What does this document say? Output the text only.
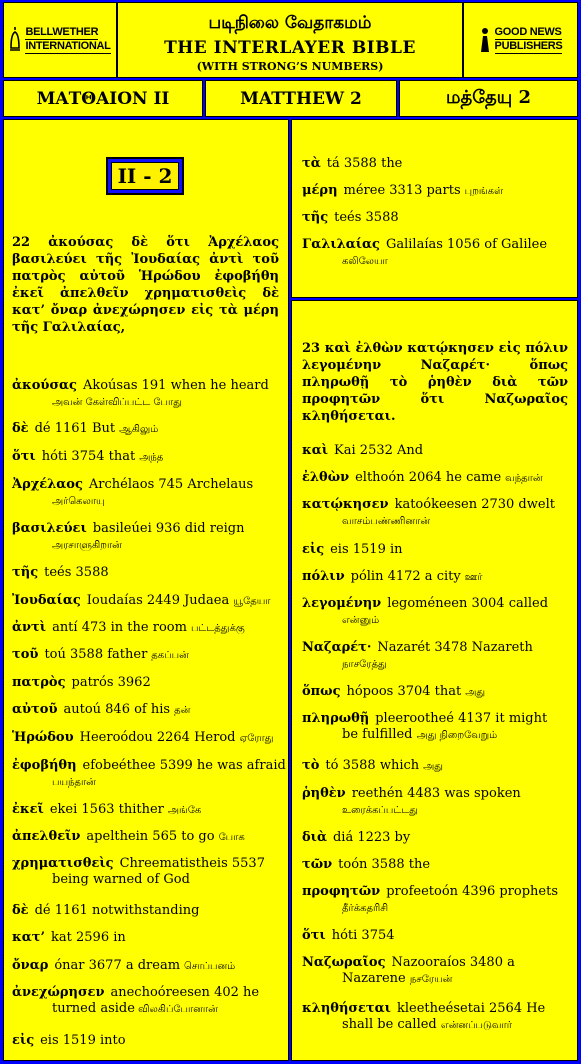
BELLWETHER
INTERNATIONAL
படிநிலை வேதாகமம்
THE INTERLAYER BIBLE
(WITH STRONG’S NUMBERS)
GOOD NEWS
PUBLISHERS
ΜΑΤΘΑΙΟΝ II	MATTHEW 2	மத்தேயு 2
II - 2
22 ἀκούσας δὲ ὅτι Ἀρχέλαος βασιλεύει τῆς Ἰουδαίας ἀντὶ τοῦ πατρὸς αὐτοῦ Ἡρώδου ἐφοβήθη ἐκεῖ ἀπελθεῖν χρηματισθεὶς δὲ κατ’ ὄναρ ἀνεχώρησεν εἰς τὰ μέρη τῆς Γαλιλαίας,
ἀκούσας Akoúsas 191 when he heard
அவன் கேள்விப்பட்ட போது
δὲ dé 1161 But ஆகிலும்
ὅτι hóti 3754 that அந்த
Ἀρχέλαος Archélaos 745 Archelaus
அர்கெலாயு
βασιλεύει basileúei 936 did reign
அரசாளுகிறான்
τῆς teés 3588
Ἰουδαίας Ioudaías 2449 Judaea யூதேயா
ἀντὶ antí 473 in the room பட்டத்துக்கு
τοῦ toú 3588 father தகப்பன்
πατρὸς patrós 3962
αὐτοῦ autoú 846 of his தன்
Ἡρώδου Heeroódou 2264 Herod ஏரோது
ἐφοβήθη efobeéthee 5399 he was afraid
பயந்தான்
ἐκεῖ ekei 1563 thither அங்கே
ἀπελθεῖν apelthein 565 to go போக
χρηματισθεὶς Chreematistheis 5537
being warned of God
δὲ dé 1161 notwithstanding
κατ’ kat 2596 in
ὄναρ ónar 3677 a dream சொப்பனம்
ἀνεχώρησεν anechoóreesen 402 he
turned aside விலகிப்போனான்
εἰς eis 1519 into
τὰ tá 3588 the
μέρη méree 3313 parts புறங்கள்
τῆς teés 3588
Γαλιλαίας Galilaías 1056 of Galilee
கலிலேயா
23 καὶ ἐλθὼν κατῴκησεν εἰς πόλιν λεγομένην Ναζαρέτ· ὅπως πληρωθῇ τὸ ῥηθὲν διὰ τῶν προφητῶν ὅτι Ναζωραῖος κληθήσεται.
καὶ Kai 2532 And
ἐλθὼν elthoón 2064 he came வந்தான்
κατῴκησεν katoókeesen 2730 dwelt
வாசம்பண்ணினான்
εἰς eis 1519 in
πόλιν pólin 4172 a city ஊர்
λεγομένην legoméneen 3004 called
என்னும்
Ναζαρέτ· Nazarét 3478 Nazareth
நாசரேத்து
ὅπως hópoos 3704 that அது
πληρωθῇ pleerootheé 4137 it might
be fulfilled அது நிறைவேறும்
τὸ tó 3588 which அது
ῥηθὲν reethén 4483 was spoken
உரைக்கப்பட்டது
διὰ diá 1223 by
τῶν toón 3588 the
προφητῶν profeetoón 4396 prophets
தீர்க்கதரிசி
ὅτι hóti 3754
Ναζωραῖος Nazooraíos 3480 a
Nazarene நசரேயன்
κληθήσεται kleetheésetai 2564 He
shall be called என்னப்படுவார்
